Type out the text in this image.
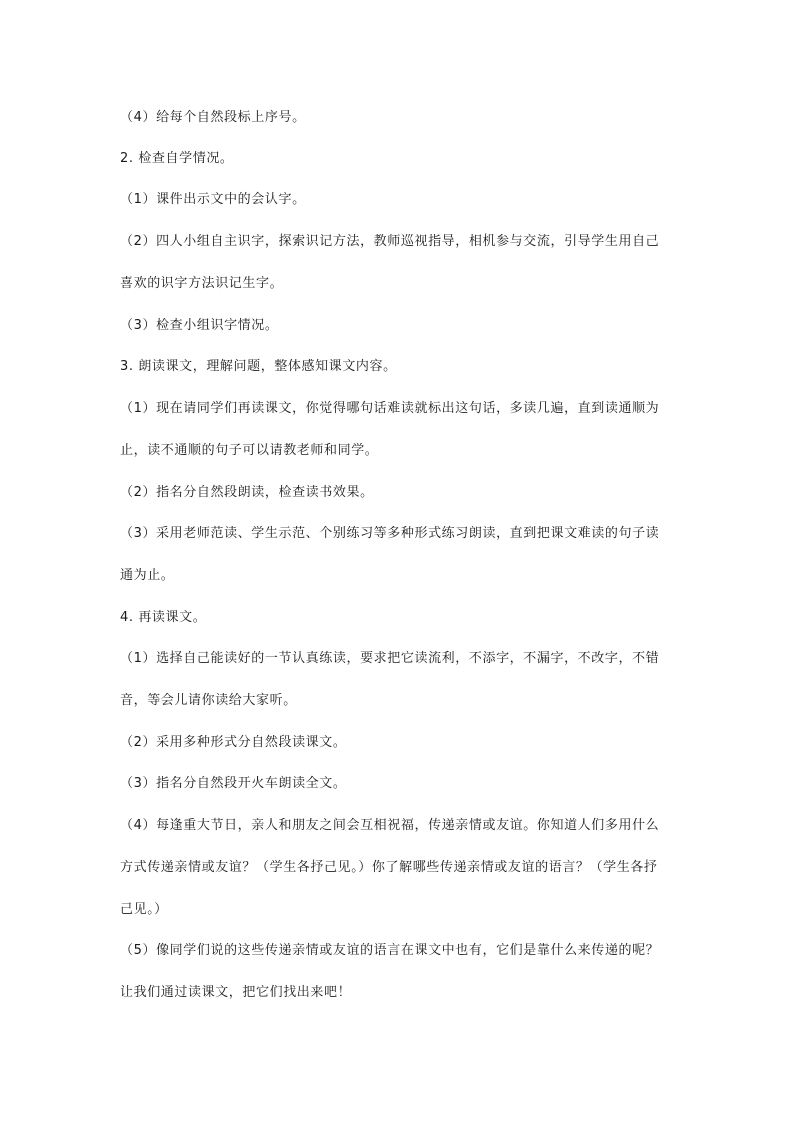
（4）给每个自然段标上序号。
2. 检查自学情况。
（1）课件出示文中的会认字。
（2）四人小组自主识字，探索识记方法，教师巡视指导，相机参与交流，引导学生用自己
喜欢的识字方法识记生字。
（3）检查小组识字情况。
3. 朗读课文，理解问题，整体感知课文内容。
（1）现在请同学们再读课文，你觉得哪句话难读就标出这句话，多读几遍，直到读通顺为
止，读不通顺的句子可以请教老师和同学。
（2）指名分自然段朗读，检查读书效果。
（3）采用老师范读、学生示范、个别练习等多种形式练习朗读，直到把课文难读的句子读
通为止。
4. 再读课文。
（1）选择自己能读好的一节认真练读，要求把它读流利，不添字，不漏字，不改字，不错
音，等会儿请你读给大家听。
（2）采用多种形式分自然段读课文。
（3）指名分自然段开火车朗读全文。
（4）每逢重大节日，亲人和朋友之间会互相祝福，传递亲情或友谊。你知道人们多用什么
方式传递亲情或友谊？（学生各抒己见。）你了解哪些传递亲情或友谊的语言？（学生各抒
己见。）
（5）像同学们说的这些传递亲情或友谊的语言在课文中也有，它们是靠什么来传递的呢？
让我们通过读课文，把它们找出来吧！
